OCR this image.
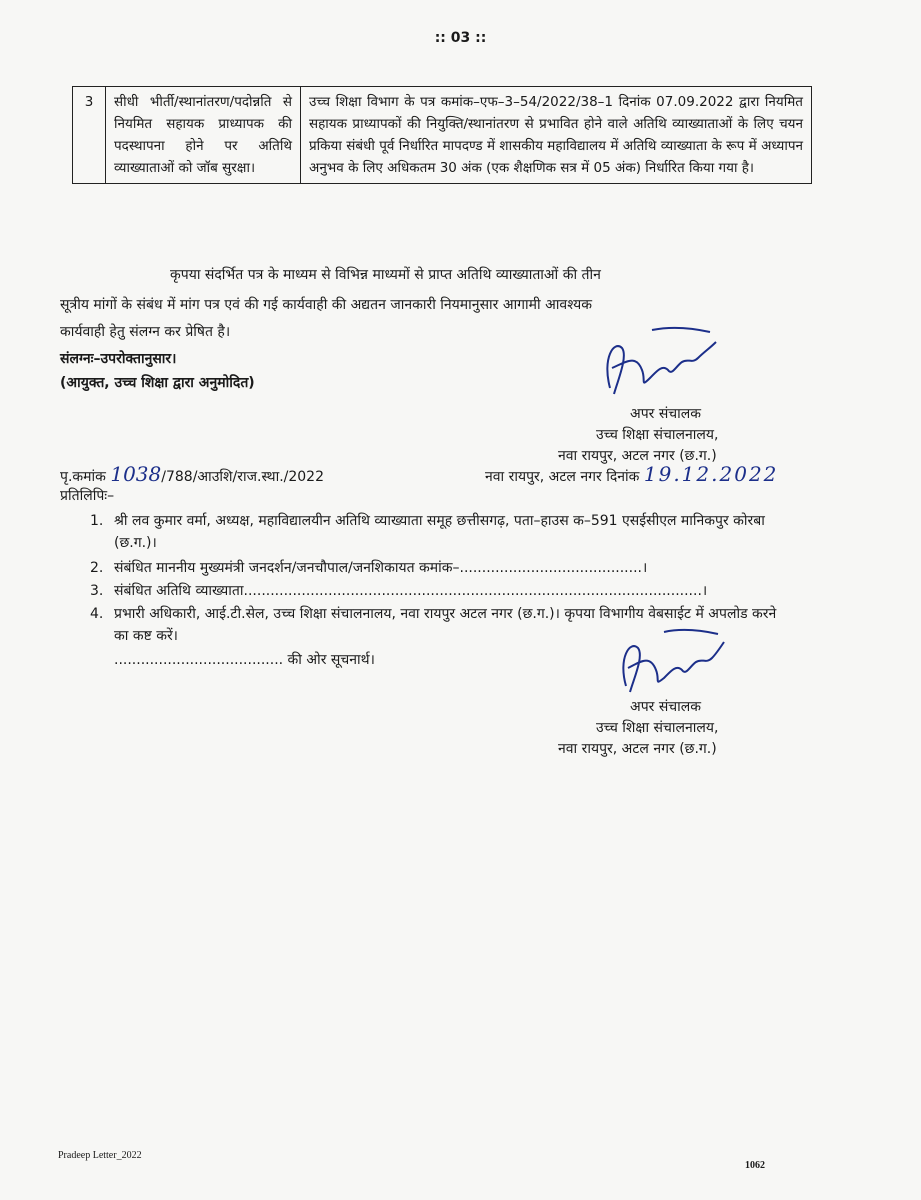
:: 03 ::
3	सीधी भीर्ती/स्थानांतरण/पदोन्नति से नियमित सहायक प्राध्यापक की पदस्थापना होने पर अतिथि व्याख्याताओं को जॉब सुरक्षा।	उच्च शिक्षा विभाग के पत्र कमांक–एफ–3–54/2022/38–1 दिनांक 07.09.2022 द्वारा नियमित सहायक प्राध्यापकों की नियुक्ति/स्थानांतरण से प्रभावित होने वाले अतिथि व्याख्याताओं के लिए चयन प्रकिया संबंधी पूर्व निर्धारित मापदण्ड में शासकीय महाविद्यालय में अतिथि व्याख्याता के रूप में अध्यापन अनुभव के लिए अधिकतम 30 अंक (एक शैक्षणिक सत्र में 05 अंक) निर्धारित किया गया है।
कृपया संदर्भित पत्र के माध्यम से विभिन्न माध्यमों से प्राप्त अतिथि व्याख्याताओं की तीन
सूत्रीय मांगों के संबंध में मांग पत्र एवं की गई कार्यवाही की अद्यतन जानकारी नियमानुसार आगामी आवश्यक
कार्यवाही हेतु संलग्न कर प्रेषित है।
संलग्नः–उपरोक्तानुसार।
(आयुक्त, उच्च शिक्षा द्वारा अनुमोदित)
अपर संचालक
उच्च शिक्षा संचालनालय,
नवा रायपुर, अटल नगर (छ.ग.)
पृ.कमांक 1038/788/आउशि/राज.स्था./2022	नवा रायपुर, अटल नगर दिनांक 19.12.2022
प्रतिलिपिः–
1. श्री लव कुमार वर्मा, अध्यक्ष, महाविद्यालयीन अतिथि व्याख्याता समूह छत्तीसगढ़, पता–हाउस क–591 एसईसीएल मानिकपुर कोरबा (छ.ग.)।
2. संबंधित माननीय मुख्यमंत्री जनदर्शन/जनचौपाल/जनशिकायत कमांक–.........................................।
3. संबंधित अतिथि व्याख्याता.......................................................................................................।
4. प्रभारी अधिकारी, आई.टी.सेल, उच्च शिक्षा संचालनालय, नवा रायपुर अटल नगर (छ.ग.)। कृपया विभागीय वेबसाईट में अपलोड करने का कष्ट करें।
...................................... की ओर सूचनार्थ।
अपर संचालक
उच्च शिक्षा संचालनालय,
नवा रायपुर, अटल नगर (छ.ग.)
Pradeep Letter_2022
1062
